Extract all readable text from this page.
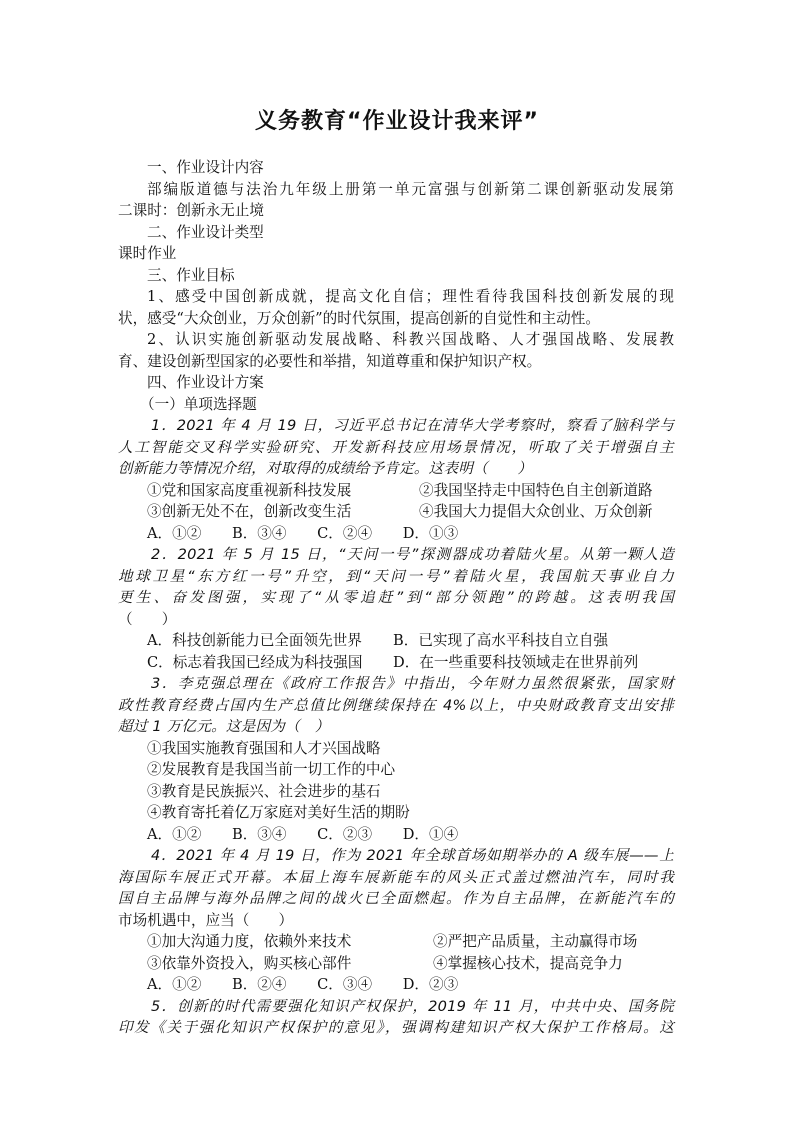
义务教育“作业设计我来评”
一、作业设计内容
部编版道德与法治九年级上册第一单元富强与创新第二课创新驱动发展第
二课时：创新永无止境
二、作业设计类型
课时作业
三、作业目标
1、感受中国创新成就，提高文化自信；理性看待我国科技创新发展的现
状，感受“大众创业，万众创新”的时代氛围，提高创新的自觉性和主动性。
2、认识实施创新驱动发展战略、科教兴国战略、人才强国战略、发展教
育、建设创新型国家的必要性和举措，知道尊重和保护知识产权。
四、作业设计方案
（一）单项选择题
1．2021 年 4 月 19 日，习近平总书记在清华大学考察时，察看了脑科学与
人工智能交叉科学实验研究、开发新科技应用场景情况，听取了关于增强自主
创新能力等情况介绍，对取得的成绩给予肯定。这表明（　　）
①党和国家高度重视新科技发展	②我国坚持走中国特色自主创新道路
③创新无处不在，创新改变生活	④我国大力提倡大众创业、万众创新
A．①② B．③④ C．②④ D．①③
2．2021 年 5 月 15 日，“天问一号”探测器成功着陆火星。从第一颗人造
地球卫星“东方红一号”升空，到“天问一号”着陆火星，我国航天事业自力
更生、奋发图强，实现了“从零追赶”到“部分领跑”的跨越。这表明我国
（　　）
A．科技创新能力已全面领先世界	B．已实现了高水平科技自立自强
C．标志着我国已经成为科技强国	D．在一些重要科技领域走在世界前列
3．李克强总理在《政府工作报告》中指出，今年财力虽然很紧张，国家财
政性教育经费占国内生产总值比例继续保持在 4%以上，中央财政教育支出安排
超过 1 万亿元。这是因为（　）
①我国实施教育强国和人才兴国战略
②发展教育是我国当前一切工作的中心
③教育是民族振兴、社会进步的基石
④教育寄托着亿万家庭对美好生活的期盼
A．①② B．③④ C．②③ D．①④
4．2021 年 4 月 19 日，作为 2021 年全球首场如期举办的 A 级车展——上
海国际车展正式开幕。本届上海车展新能车的风头正式盖过燃油汽车，同时我
国自主品牌与海外品牌之间的战火已全面燃起。作为自主品牌，在新能汽车的
市场机遇中，应当（　　）
①加大沟通力度，依赖外来技术	②严把产品质量，主动赢得市场
③依靠外资投入，购买核心部件	④掌握核心技术，提高竞争力
A．①② B．②④ C．③④ D．②③
5．创新的时代需要强化知识产权保护，2019 年 11 月，中共中央、国务院
印发《关于强化知识产权保护的意见》，强调构建知识产权大保护工作格局。这
